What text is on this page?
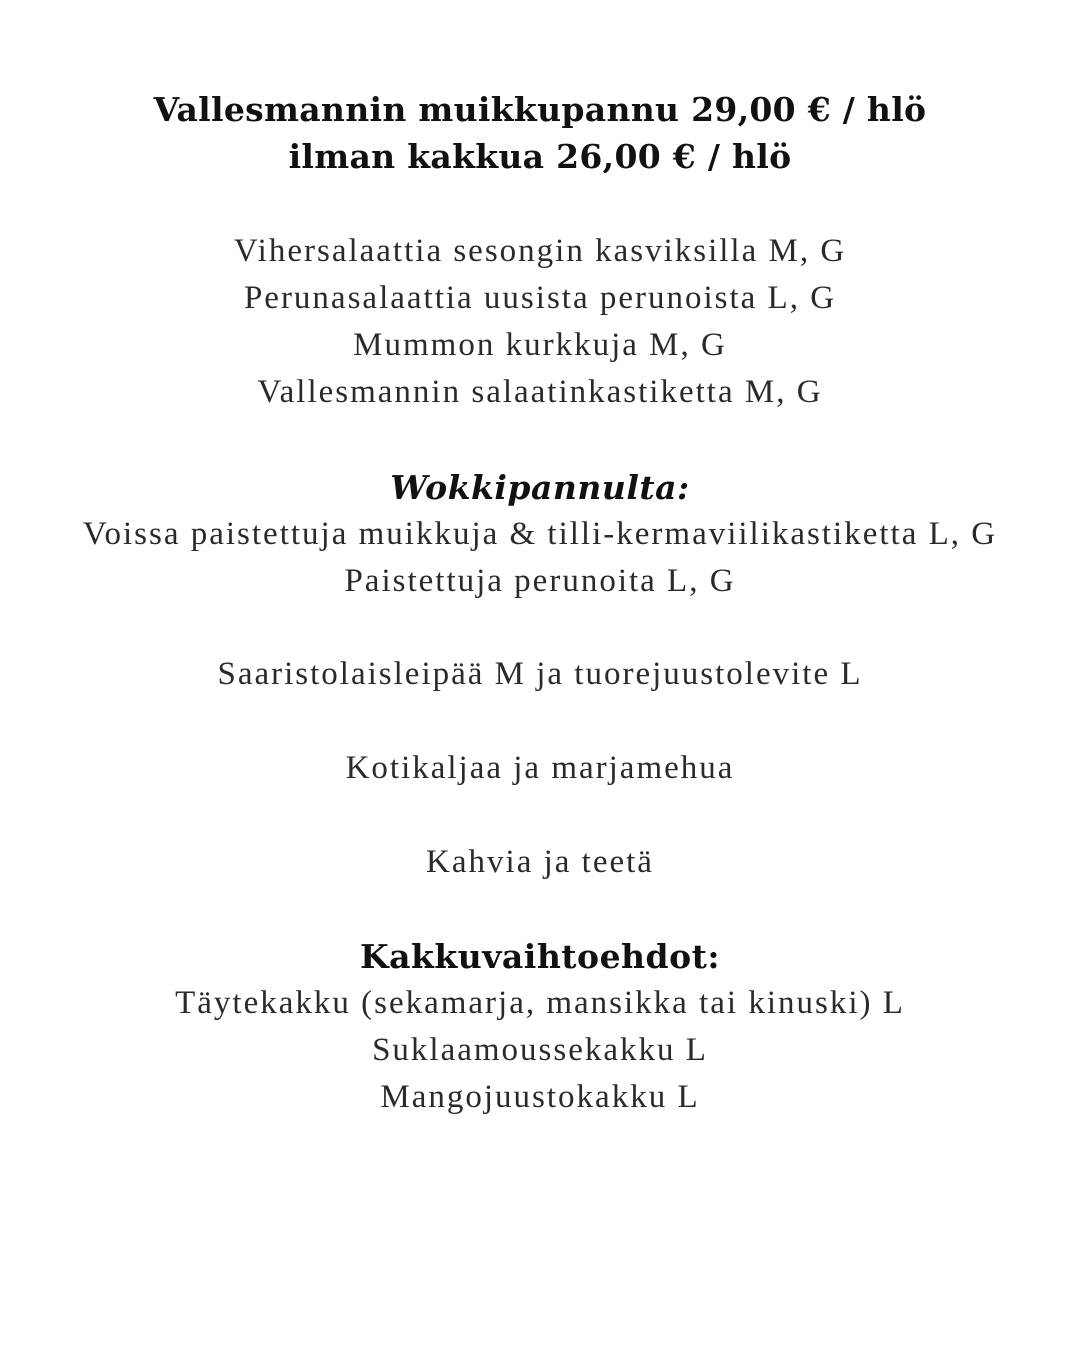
Vallesmannin muikkupannu 29,00 € / hlö
ilman kakkua 26,00 € / hlö
Vihersalaattia sesongin kasviksilla M, G
Perunasalaattia uusista perunoista L, G
Mummon kurkkuja M, G
Vallesmannin salaatinkastiketta M, G
Wokkipannulta:
Voissa paistettuja muikkuja & tilli-kermaviilikastiketta L, G
Paistettuja perunoita L, G
Saaristolaisleipää M ja tuorejuustolevite L
Kotikaljaa ja marjamehua
Kahvia ja teetä
Kakkuvaihtoehdot:
Täytekakku (sekamarja, mansikka tai kinuski) L
Suklaamoussekakku L
Mangojuustokakku L
